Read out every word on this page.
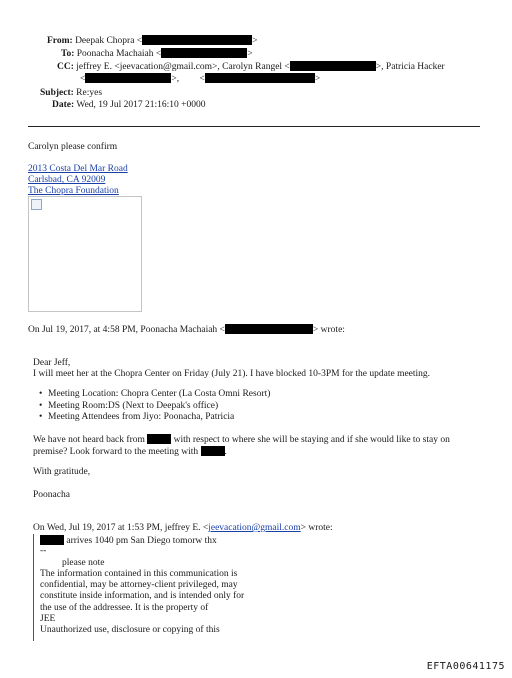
From: Deepak Chopra <	>
To: Poonacha Machaiah <	>
CC: jeffrey E. <jeevacation@gmail.com>, Carolyn Rangel <	>, Patricia Hacker
<	>, <	>
Subject: Re:yes
Date: Wed, 19 Jul 2017 21:16:10 +0000
Carolyn please confirm
2013 Costa Del Mar Road
Carlsbad, CA 92009
The Chopra Foundation
On Jul 19, 2017, at 4:58 PM, Poonacha Machaiah <	> wrote:
Dear Jeff,
I will meet her at the Chopra Center on Friday (July 21). I have blocked 10-3PM for the update meeting.
• Meeting Location: Chopra Center (La Costa Omni Resort)
• Meeting Room:DS (Next to Deepak's office)
• Meeting Attendees from Jiyo: Poonacha, Patricia
We have not heard back from	with respect to where she will be staying and if she would like to stay on
premise? Look forward to the meeting with	.
With gratitude,
Poonacha
On Wed, Jul 19, 2017 at 1:53 PM, jeffrey E. <jeevacation@gmail.com> wrote:
arrives 1040 pm San Diego tomorw thx
--
please note
The information contained in this communication is
confidential, may be attorney-client privileged, may
constitute inside information, and is intended only for
the use of the addressee. It is the property of
JEE
Unauthorized use, disclosure or copying of this
EFTA00641175
